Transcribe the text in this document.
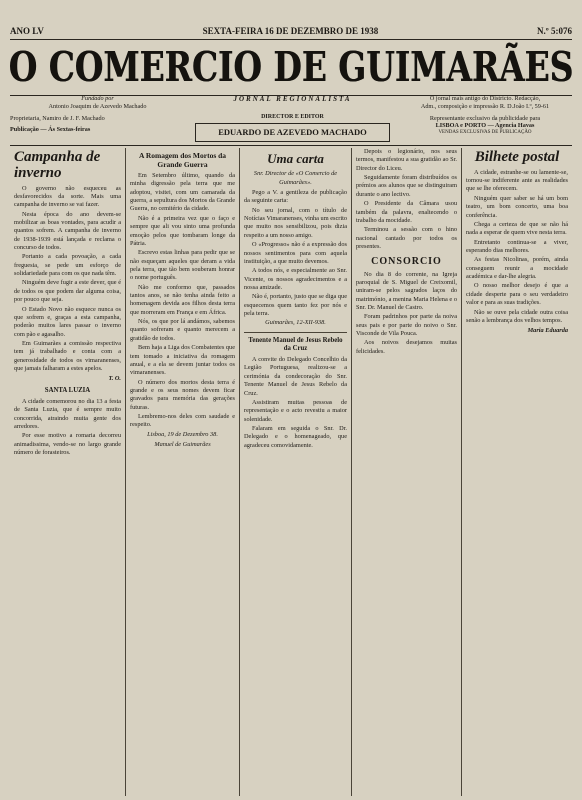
ANO LV	SEXTA-FEIRA 16 DE DEZEMBRO DE 1938	N.º 5:076
O COMERCIO DE GUIMARÃES
Fundado por
Antonio Joaquim de Azevedo Machado
Proprietaria, Namiro de J. F. Machado
Publicação — Ás Sextas-feiras
JORNAL REGIONALISTA
DIRECTOR E EDITOR
EDUARDO DE AZEVEDO MACHADO
O jornal mais antigo do Districto. Redacção,
Adm., composição e impressão R. D.João I.º, 59-61
Representante exclusivo da publicidade para
LISBOA e PORTO — Agencia Havas
VENDAS EXCLUSIVAS DE PUBLICAÇÃO
Campanha de inverno

O governo não esqueceu as desfavorecidos da sorte. Mais uma campanha de inverno se vai fazer.

Nesta época do ano devem-se mobilizar as boas vontades, para acudir a quantos sofrem. A campanha de inverno de 1938-1939 está lançada e reclama o concurso de todos.

Portanto a cada povoação, a cada freguesia, se pede um esforço de solidariedade para com os que nada têm.

Ninguém deve fugir a este dever, que é de todos os que podem dar alguma coisa, por pouco que seja.

O Estado Novo não esquece nunca os que sofrem e, graças a esta campanha, poderão muitos lares passar o inverno com pão e agasalho.

Em Guimarães a comissão respectiva tem já trabalhado e conta com a generosidade de todos os vimaranenses, que jamais falharam a estes apelos.

T. O.
SANTA LUZIA

A cidade comemorou no dia 13 a festa de Santa Luzia, que é sempre muito concorrida, atraindo muita gente dos arredores.

Por esse motivo a romaria decorreu animadissima, vendo-se no largo grande número de forasteiros.

A Romagem dos Mortos da Grande Guerra

Em Setembro último, quando da minha digressão pela terra que me adoptou, visitei, com um camarada da guerra, a sepultura dos Mortos da Grande Guerra, no cemitério da cidade.

Não é a primeira vez que o faço e sempre que ali vou sinto uma profunda emoção pelos que tombaram longe da Pátria.

Escrevo estas linhas para pedir que se não esqueçam aqueles que deram a vida pela terra, que tão bem souberam honrar o nome português.

Não me conformo que, passados tantos anos, se não tenha ainda feito a homenagem devida aos filhos desta terra que morreram em França e em África.

Nós, os que por lá andámos, sabemos quanto sofreram e quanto merecem a gratidão de todos.

Bem haja a Liga dos Combatentes que tem tomado a iniciativa da romagem anual, e a ela se devem juntar todos os vimaranenses.

O número dos mortos desta terra é grande e os seus nomes devem ficar gravados para memória das gerações futuras.

Lembremo-nos deles com saudade e respeito.

Lisboa, 19 de Dezembro 38.
Manuel de Guimarães
Uma carta
Snr. Director de «O Comercio de Guimarães».

Pego a V. a gentileza de publicação da seguinte carta:

No seu jornal, com o título de Notícias Vimaranenses, vinha um escrito que muito nos sensibilizou, pois dizia respeito a um nosso amigo.

O «Progresso» não é a expressão dos nossos sentimentos para com aquela instituição, a que muito devemos.

A todos nós, e especialmente ao Snr. Vicente, os nossos agradecimentos e a nossa amizade.

Não é, portanto, justo que se diga que esquecemos quem tanto fez por nós e pela terra.

Guimarães, 12-XII-938.
Tenente Manuel de Jesus Rebelo da Cruz

A convite do Delegado Concelhio da Legião Portuguesa, realizou-se a cerimónia da condecoração do Snr. Tenente Manuel de Jesus Rebelo da Cruz.

Assistiram muitas pessoas de representação e o acto revestiu a maior solenidade.

Falaram em seguida o Snr. Dr. Delegado e o homenageado, que agradeceu comovidamente.

Depois o legionário, nos seus termos, manifestou a sua gratidão ao Sr. Director do Liceu.

Seguidamente foram distribuídos os prémios aos alunos que se distinguiram durante o ano lectivo.

O Presidente da Câmara usou também da palavra, enaltecendo o trabalho da mocidade.

Terminou a sessão com o hino nacional cantado por todos os presentes.

CONSORCIO

No dia 8 do corrente, na Igreja paroquial de S. Miguel de Creixomil, uniram-se pelos sagrados laços do matrimónio, a menina Maria Helena e o Snr. Dr. Manuel de Castro.

Foram padrinhos por parte da noiva seus pais e por parte do noivo o Snr. Visconde de Vila Pouca.

Aos noivos desejamos muitas felicidades.

Bilhete postal

A cidade, estranhe-se ou lamente-se, tornou-se indiferente ante as realidades que se lhe oferecem.

Ninguém quer saber se há um bom teatro, um bom concerto, uma boa conferência.

Chega a certeza de que se não há nada a esperar de quem vive nesta terra.

Entretanto continua-se a viver, esperando dias melhores.

As festas Nicolinas, porém, ainda conseguem reunir a mocidade académica e dar-lhe alegria.

O nosso melhor desejo é que a cidade desperte para o seu verdadeiro valor e para as suas tradições.

Não se ouve pela cidade outra coisa senão a lembrança dos velhos tempos.

Maria Eduarda
